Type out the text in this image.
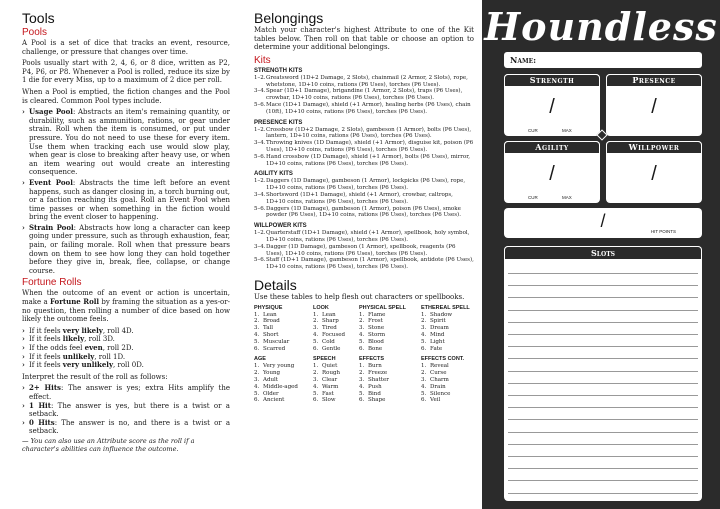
Tools
Pools

A Pool is a set of dice that tracks an event, resource, challenge, or pressure that changes over time.

Pools usually start with 2, 4, 6, or 8 dice, written as P2, P4, P6, or P8. Whenever a Pool is rolled, reduce its size by 1 die for every Miss, up to a maximum of 2 dice per roll.

When a Pool is emptied, the fiction changes and the Pool is cleared. Common Pool types include.

› Usage Pool: Abstracts an item's remaining quantity, or durability, such as ammunition, rations, or gear under strain. Roll when the item is consumed, or put under pressure. You do not need to use these for every item. Use them when tracking each use would slow play, when gear is close to breaking after heavy use, or when an item wearing out would create an interesting consequence.
› Event Pool: Abstracts the time left before an event happens, such as danger closing in, a torch burning out, or a faction reaching its goal. Roll an Event Pool when time passes or when something in the fiction would bring the event closer to happening.
› Strain Pool: Abstracts how long a character can keep going under pressure, such as through exhaustion, fear, pain, or failing morale. Roll when that pressure bears down on them to see how long they can hold together before they give in, break, flee, collapse, or change course.
Fortune Rolls

When the outcome of an event or action is uncertain, make a Fortune Roll by framing the situation as a yes-or-no question, then rolling a number of dice based on how likely the outcome feels.

› If it feels very likely, roll 4D.
› If it feels likely, roll 3D.
› If the odds feel even, roll 2D.
› If it feels unlikely, roll 1D.
› If it feels very unlikely, roll 0D.

Interpret the result of the roll as follows:

› 2+ Hits: The answer is yes; extra Hits amplify the effect.
› 1 Hit: The answer is yes, but there is a twist or a setback.
› 0 Hits: The answer is no, and there is a twist or a setback.

— You can also use an Attribute score as the roll if a character's abilities can influence the outcome.

Belongings

Match your character's highest Attribute to one of the Kit tables below. Then roll on that table or choose an option to determine your additional belongings.

Kits
STRENGTH KITS
1–2. Greatsword (1D+2 Damage, 2 Slots), chainmail (2 Armor, 2 Slots), rope, whetstone, 1D+10 coins, rations (P6 Uses), torches (P6 Uses).
3–4. Spear (1D+1 Damage), brigandine (1 Armor, 2 Slots), traps (P6 Uses), crowbar, 1D+10 coins, rations (P6 Uses), torches (P6 Uses).
5–6. Mace (1D+1 Damage), shield (+1 Armor), healing herbs (P6 Uses), chain (10ft), 1D+10 coins, rations (P6 Uses), torches (P6 Uses).
PRESENCE KITS
1–2. Crossbow (1D+2 Damage, 2 Slots), gambeson (1 Armor), bolts (P6 Uses), lantern, 1D+10 coins, rations (P6 Uses), torches (P6 Uses).
3–4. Throwing knives (1D Damage), shield (+1 Armor), disguise kit, poison (P6 Uses), 1D+10 coins, rations (P6 Uses), torches (P6 Uses).
5–6. Hand crossbow (1D Damage), shield (+1 Armor), bolts (P6 Uses), mirror, 1D+10 coins, rations (P6 Uses), torches (P6 Uses).
AGILITY KITS
1–2. Daggers (1D Damage), gambeson (1 Armor), lockpicks (P6 Uses), rope, 1D+10 coins, rations (P6 Uses), torches (P6 Uses).
3–4. Shortsword (1D+1 Damage), shield (+1 Armor), crowbar, caltrops, 1D+10 coins, rations (P6 Uses), torches (P6 Uses).
5–6. Daggers (1D Damage), gambeson (1 Armor), poison (P6 Uses), smoke powder (P6 Uses), 1D+10 coins, rations (P6 Uses), torches (P6 Uses).
WILLPOWER KITS
1–2. Quarterstaff (1D+1 Damage), shield (+1 Armor), spellbook, holy symbol, 1D+10 coins, rations (P6 Uses), torches (P6 Uses).
3–4. Dagger (1D Damage), gambeson (1 Armor), spellbook, reagents (P6 Uses), 1D+10 coins, rations (P6 Uses), torches (P6 Uses).
5–6. Staff (1D+1 Damage), gambeson (1 Armor), spellbook, antidote (P6 Uses), 1D+10 coins, rations (P6 Uses), torches (P6 Uses).
Details

Use these tables to help flesh out characters or spellbooks.

PHYSIQUE
1. Lean
2. Broad
3. Tall
4. Short
5. Muscular
6. Scarred
LOOK
1. Lean
2. Sharp
3. Tired
4. Focused
5. Cold
6. Gentle
PHYSICAL SPELL
1. Flame
2. Frost
3. Stone
4. Storm
5. Blood
6. Bone
ETHEREAL SPELL
1. Shadow
2. Spirit
3. Dream
4. Mind
5. Light
6. Fate
AGE
1. Very young
2. Young
3. Adult
4. Middle-aged
5. Older
6. Ancient
SPEECH
1. Quiet
2. Rough
3. Clear
4. Warm
5. Fast
6. Slow
EFFECTS
1. Burn
2. Freeze
3. Shatter
4. Push
5. Bind
6. Shape
EFFECTS CONT.
1. Reveal
2. Curse
3. Charm
4. Drain
5. Silence
6. Veil
Houndless
Name:
Strength
/
CUR	MAX
Presence
/
Agility
/
CUR	MAX
Willpower
/
/
HIT POINTS
Slots
